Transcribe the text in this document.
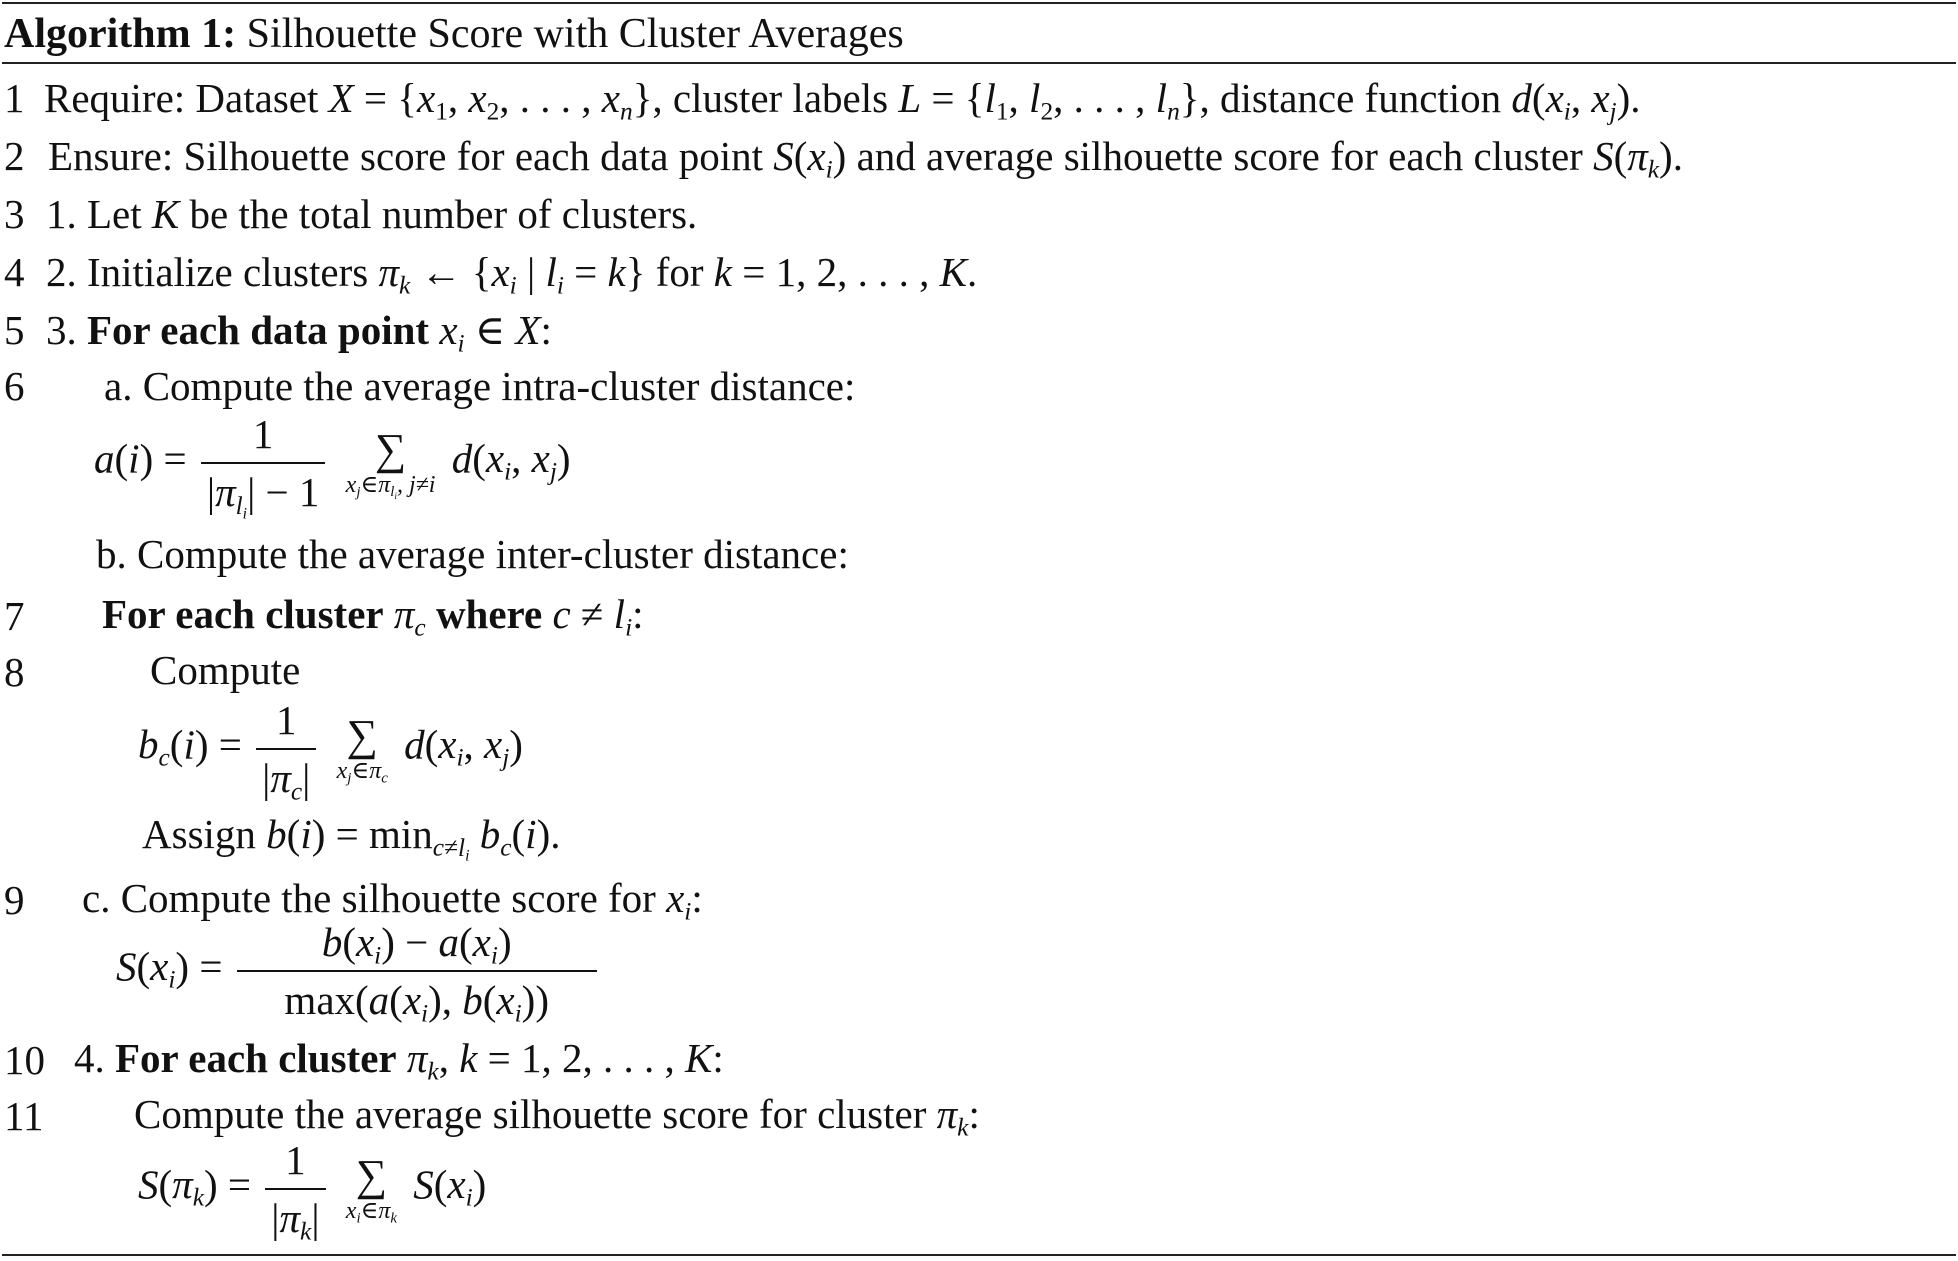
Algorithm 1: Silhouette Score with Cluster Averages
1
2
3
4
5
6
7
8
9
10
11
Require: Dataset $X = \{x_1$, $x_2$, . . . , $x_n$}, cluster labels $L = \{l_1$, $l_2$, . . . , $l_n$}, distance function $d(x_i$, $x_j$).
Ensure: Silhouette score for each data point $S(x_i)$ and average silhouette score for each cluster $S(\pi_k)$.
1. Let K be the total number of clusters.
2. Initialize clusters $\pi_k$ ← {$x_i$ | $l_i = k$} for k = 1, 2, . . . , K.
3. For each data point $x_i$ ∈ X:
a. Compute the average intra-cluster distance:
$a(i) = \frac{1}{|\pi_{l_i}| - 1}$
	∑
$x_j\in\pi_{l_i}$, j≠i
$d(x_i$, $x_j$)
b. Compute the average inter-cluster distance:
For each cluster $\pi_c$ where $c \ne l_i$:
Compute
$b_c(i) = \frac{1}{|\pi_c|}$
∑
$x_j\in\pi_c$
$d(x_i$, $x_j$)
Assign $b(i) = \min_{c\ne l_i} b_c(i)$.
c. Compute the silhouette score for $x_i$:
$S(x_i) = \frac{b(x_i) - a(x_i)}{\max(a(x_i), b(x_i))}$
4. For each cluster $\pi_k$, k = 1, 2, . . . , K:
Compute the average silhouette score for cluster $\pi_k$:
$S(\pi_k) = \frac{1}{|\pi_k|}$
∑
$x_i\in\pi_k$
$S(x_i)$
